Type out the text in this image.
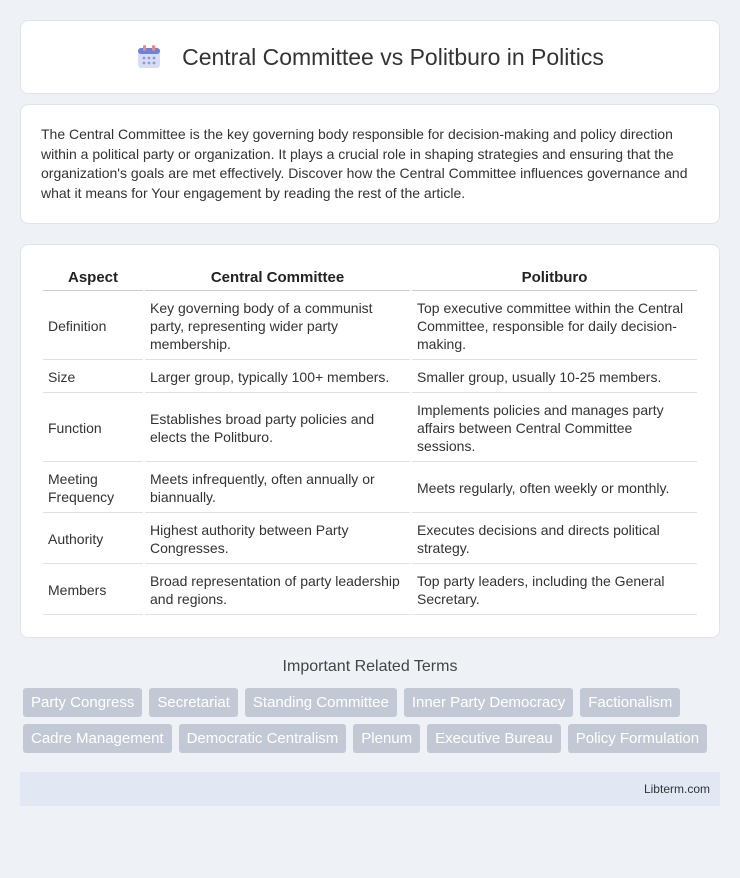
Central Committee vs Politburo in Politics
The Central Committee is the key governing body responsible for decision-making and policy direction within a political party or organization. It plays a crucial role in shaping strategies and ensuring that the organization's goals are met effectively. Discover how the Central Committee influences governance and what it means for Your engagement by reading the rest of the article.
Aspect	Central Committee	Politburo
Definition	Key governing body of a communist party, representing wider party membership.	Top executive committee within the Central Committee, responsible for daily decision-making.
Size	Larger group, typically 100+ members.	Smaller group, usually 10-25 members.
Function	Establishes broad party policies and elects the Politburo.	Implements policies and manages party affairs between Central Committee sessions.
Meeting Frequency	Meets infrequently, often annually or biannually.	Meets regularly, often weekly or monthly.
Authority	Highest authority between Party Congresses.	Executes decisions and directs political strategy.
Members	Broad representation of party leadership and regions.	Top party leaders, including the General Secretary.
Important Related Terms
Party Congress	Secretariat	Standing Committee	Inner Party Democracy	Factionalism
Cadre Management	Democratic Centralism	Plenum	Executive Bureau	Policy Formulation
Libterm.com
